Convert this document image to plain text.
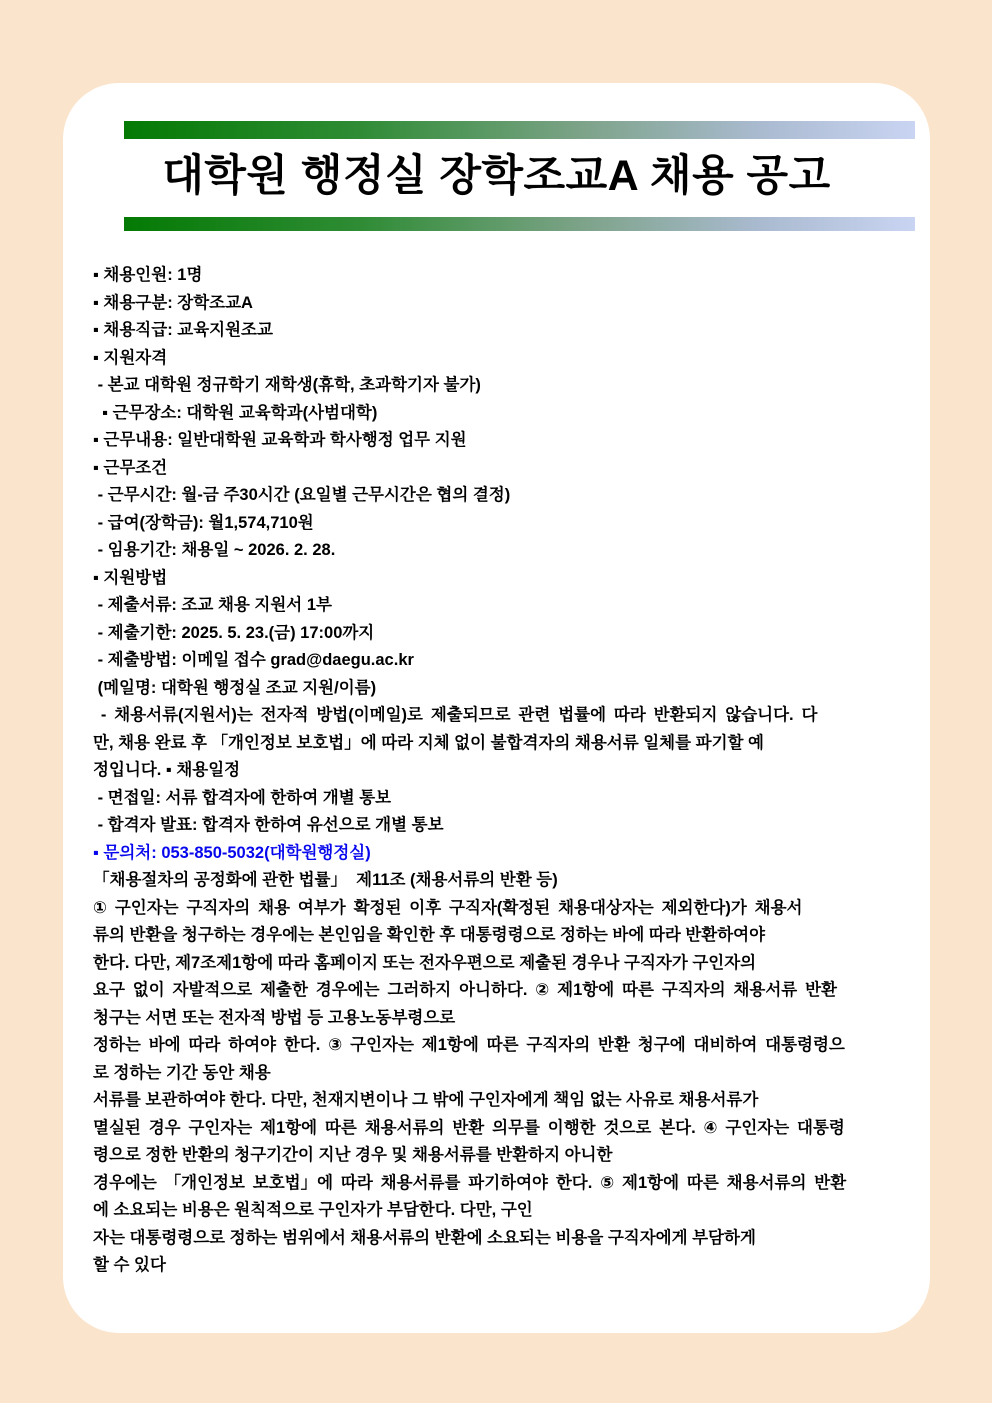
대학원 행정실 장학조교A 채용 공고
▪ 채용인원: 1명
▪ 채용구분: 장학조교A
▪ 채용직급: 교육지원조교
▪ 지원자격
- 본교 대학원 정규학기 재학생(휴학, 초과학기자 불가)
▪ 근무장소: 대학원 교육학과(사범대학)
▪ 근무내용: 일반대학원 교육학과 학사행정 업무 지원
▪ 근무조건
- 근무시간: 월-금 주30시간 (요일별 근무시간은 협의 결정)
- 급여(장학금): 월1,574,710원
- 임용기간: 채용일 ~ 2026. 2. 28.
▪ 지원방법
- 제출서류: 조교 채용 지원서 1부
- 제출기한: 2025. 5. 23.(금) 17:00까지
- 제출방법: 이메일 접수 grad@daegu.ac.kr
(메일명: 대학원 행정실 조교 지원/이름)
- 채용서류(지원서)는 전자적 방법(이메일)로 제출되므로 관련 법률에 따라 반환되지 않습니다. 다
만, 채용 완료 후 「개인정보 보호법」에 따라 지체 없이 불합격자의 채용서류 일체를 파기할 예
정입니다. ▪ 채용일정
- 면접일: 서류 합격자에 한하여 개별 통보
- 합격자 발표: 합격자 한하여 유선으로 개별 통보
▪ 문의처: 053-850-5032(대학원행정실)
「채용절차의 공정화에 관한 법률」  제11조 (채용서류의 반환 등)
① 구인자는 구직자의 채용 여부가 확정된 이후 구직자(확정된 채용대상자는 제외한다)가 채용서
류의 반환을 청구하는 경우에는 본인임을 확인한 후 대통령령으로 정하는 바에 따라 반환하여야
한다. 다만, 제7조제1항에 따라 홈페이지 또는 전자우편으로 제출된 경우나 구직자가 구인자의
요구 없이 자발적으로 제출한 경우에는 그러하지 아니하다. ② 제1항에 따른 구직자의 채용서류 반환
청구는 서면 또는 전자적 방법 등 고용노동부령으로
정하는 바에 따라 하여야 한다. ③ 구인자는 제1항에 따른 구직자의 반환 청구에 대비하여 대통령령으
로 정하는 기간 동안 채용
서류를 보관하여야 한다. 다만, 천재지변이나 그 밖에 구인자에게 책임 없는 사유로 채용서류가
멸실된 경우 구인자는 제1항에 따른 채용서류의 반환 의무를 이행한 것으로 본다. ④ 구인자는 대통령
령으로 정한 반환의 청구기간이 지난 경우 및 채용서류를 반환하지 아니한
경우에는 「개인정보 보호법」에 따라 채용서류를 파기하여야 한다. ⑤ 제1항에 따른 채용서류의 반환
에 소요되는 비용은 원칙적으로 구인자가 부담한다. 다만, 구인
자는 대통령령으로 정하는 범위에서 채용서류의 반환에 소요되는 비용을 구직자에게 부담하게
할 수 있다
